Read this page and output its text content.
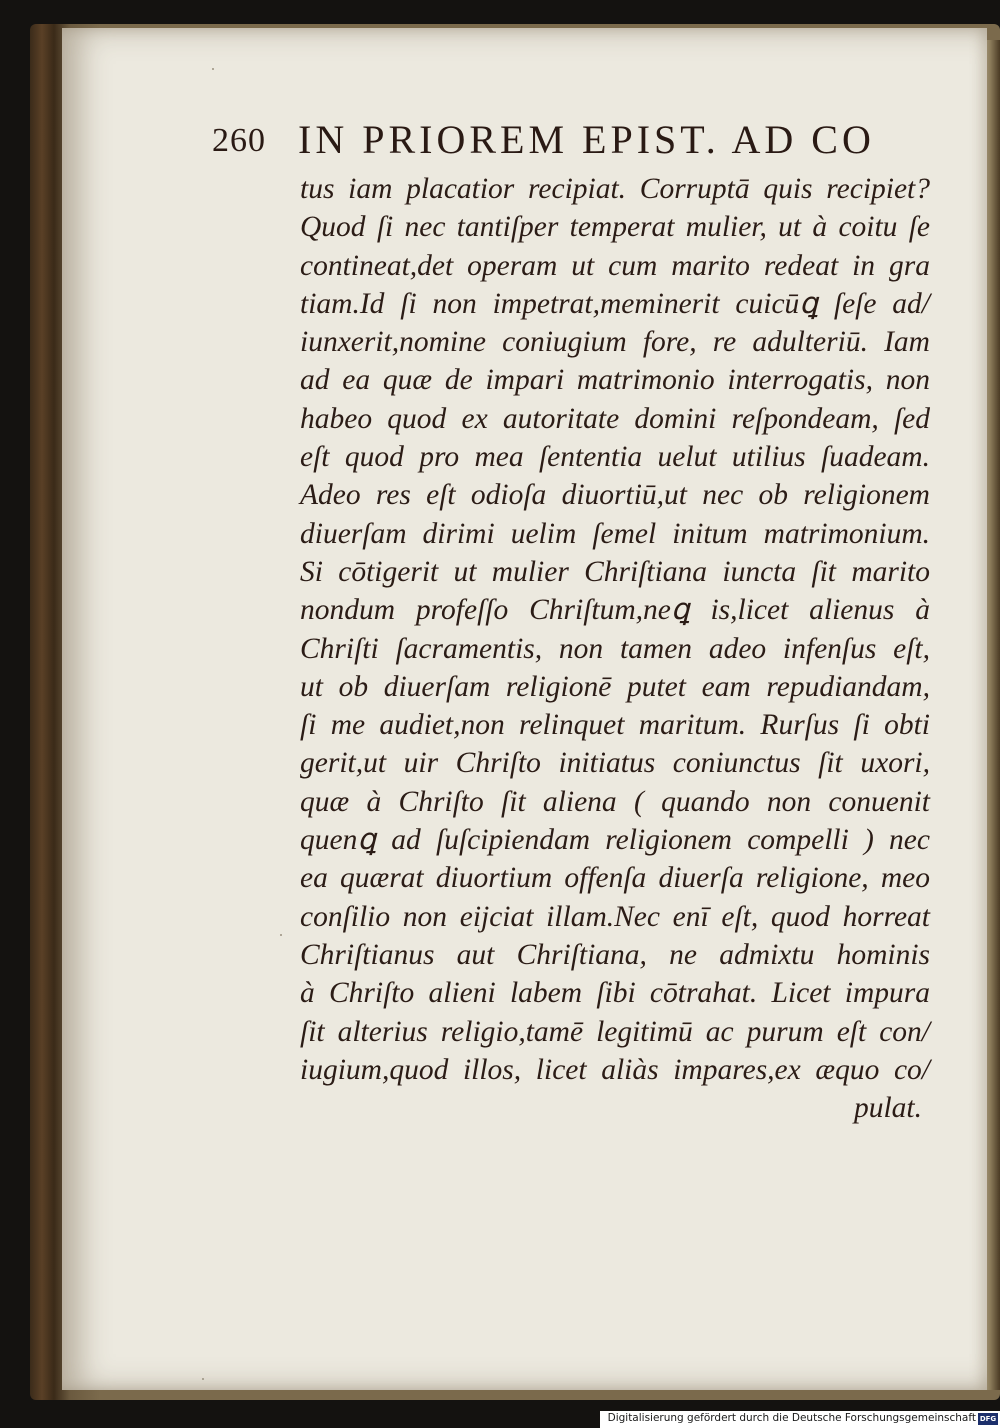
260 IN PRIOREM EPIST. AD CO
tus iam placatior recipiat. Corruptā quis recipiet?
Quod ſi nec tantiſper temperat mulier, ut à coitu ſe
contineat,det operam ut cum marito redeat in gra
tiam.Id ſi non impetrat,meminerit cuicūꝗ ſeſe ad/
iunxerit,nomine coniugium fore, re adulteriū. Iam
ad ea quæ de impari matrimonio interrogatis, non
habeo quod ex autoritate domini reſpondeam, ſed
eſt quod pro mea ſententia uelut utilius ſuadeam.
Adeo res eſt odioſa diuortiū,ut nec ob religionem
diuerſam dirimi uelim ſemel initum matrimonium.
Si cōtigerit ut mulier Chriſtiana iuncta ſit marito
nondum profeſſo Chriſtum,neꝗ is,licet alienus à
Chriſti ſacramentis, non tamen adeo infenſus eſt,
ut ob diuerſam religionē putet eam repudiandam,
ſi me audiet,non relinquet maritum. Rurſus ſi obti
gerit,ut uir Chriſto initiatus coniunctus ſit uxori,
quæ à Chriſto ſit aliena ( quando non conuenit
quenꝗ ad ſuſcipiendam religionem compelli ) nec
ea quærat diuortium offenſa diuerſa religione, meo
conſilio non eijciat illam.Nec enī eſt, quod horreat
Chriſtianus aut Chriſtiana, ne admixtu hominis
à Chriſto alieni labem ſibi cōtrahat. Licet impura
ſit alterius religio,tamē legitimū ac purum eſt con/
iugium,quod illos, licet aliàs impares,ex æquo co/
pulat.
Digitalisierung gefördert durch die Deutsche Forschungsgemeinschaft DFG
